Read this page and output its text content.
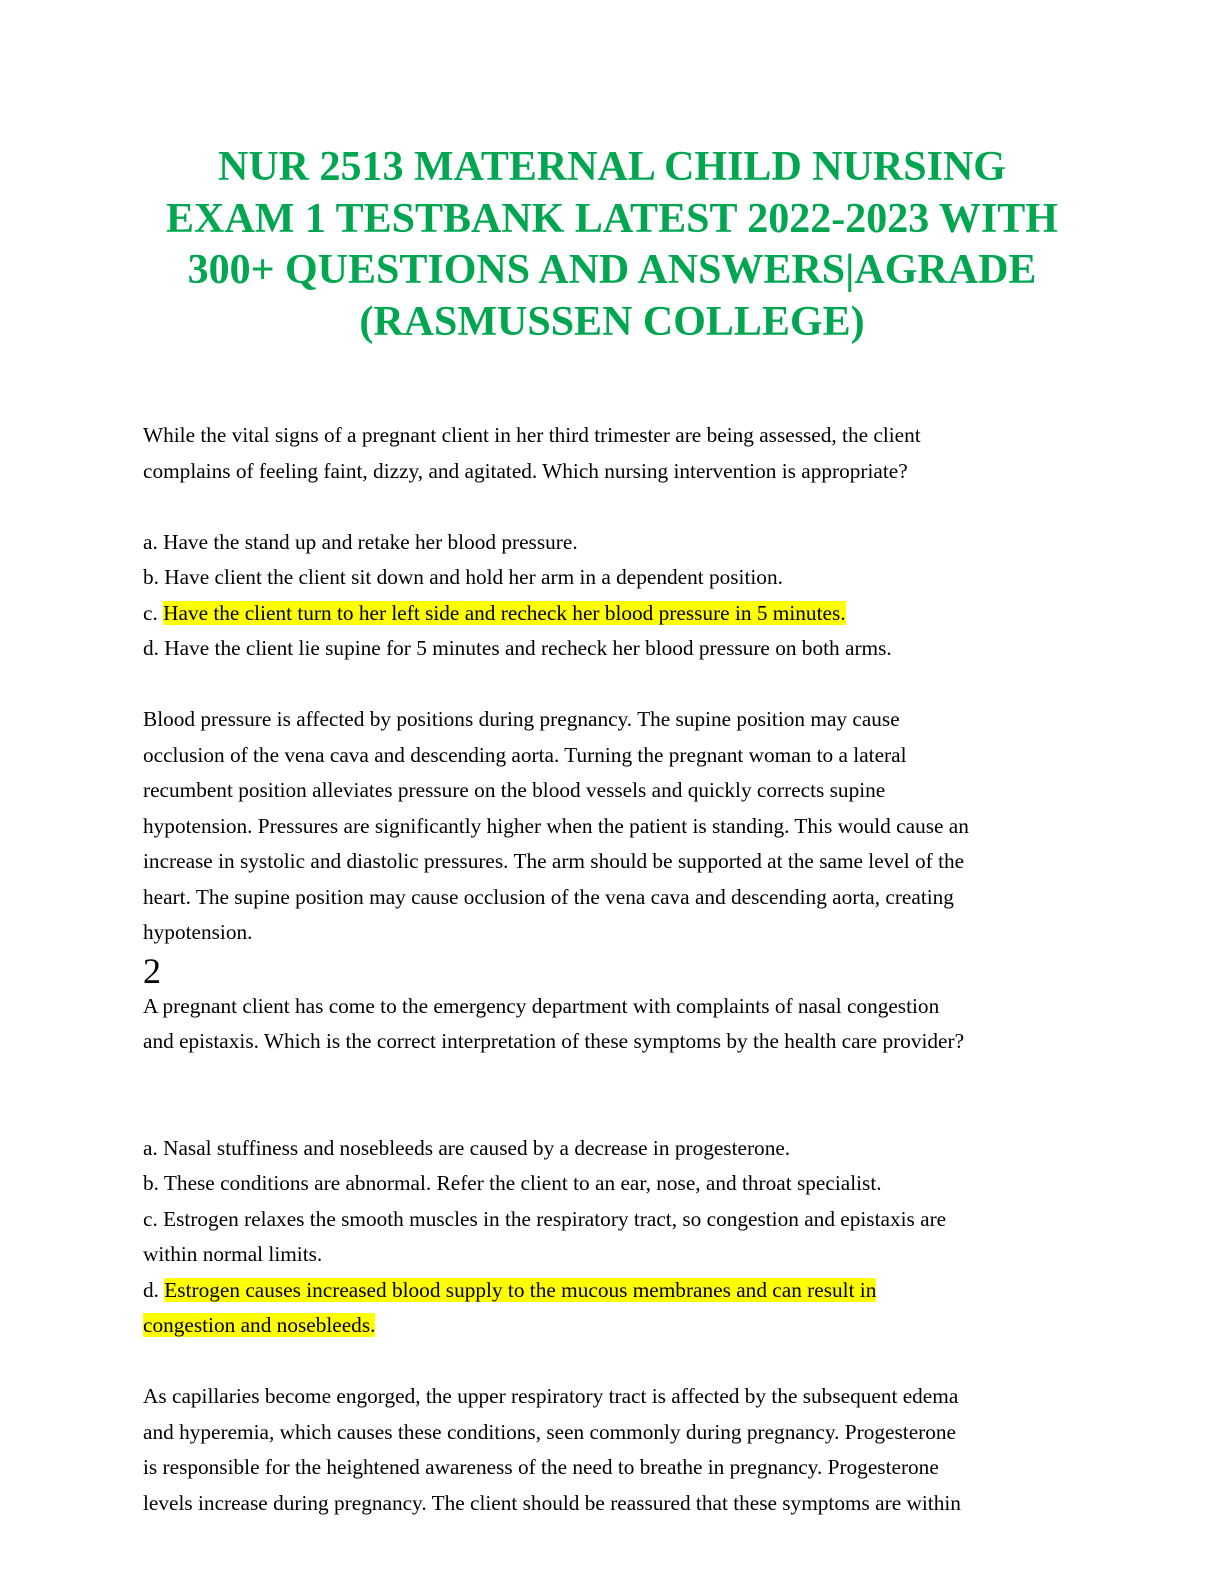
NUR 2513 MATERNAL CHILD NURSING
EXAM 1 TESTBANK LATEST 2022-2023 WITH
300+ QUESTIONS AND ANSWERS|AGRADE
(RASMUSSEN COLLEGE)
While the vital signs of a pregnant client in her third trimester are being assessed, the client
complains of feeling faint, dizzy, and agitated. Which nursing intervention is appropriate?
a. Have the stand up and retake her blood pressure.
b. Have client the client sit down and hold her arm in a dependent position.
c. Have the client turn to her left side and recheck her blood pressure in 5 minutes.
d. Have the client lie supine for 5 minutes and recheck her blood pressure on both arms.
Blood pressure is affected by positions during pregnancy. The supine position may cause
occlusion of the vena cava and descending aorta. Turning the pregnant woman to a lateral
recumbent position alleviates pressure on the blood vessels and quickly corrects supine
hypotension. Pressures are significantly higher when the patient is standing. This would cause an
increase in systolic and diastolic pressures. The arm should be supported at the same level of the
heart. The supine position may cause occlusion of the vena cava and descending aorta, creating
hypotension.
2
A pregnant client has come to the emergency department with complaints of nasal congestion
and epistaxis. Which is the correct interpretation of these symptoms by the health care provider?
a. Nasal stuffiness and nosebleeds are caused by a decrease in progesterone.
b. These conditions are abnormal. Refer the client to an ear, nose, and throat specialist.
c. Estrogen relaxes the smooth muscles in the respiratory tract, so congestion and epistaxis are
within normal limits.
d. Estrogen causes increased blood supply to the mucous membranes and can result in
congestion and nosebleeds.
As capillaries become engorged, the upper respiratory tract is affected by the subsequent edema
and hyperemia, which causes these conditions, seen commonly during pregnancy. Progesterone
is responsible for the heightened awareness of the need to breathe in pregnancy. Progesterone
levels increase during pregnancy. The client should be reassured that these symptoms are within
